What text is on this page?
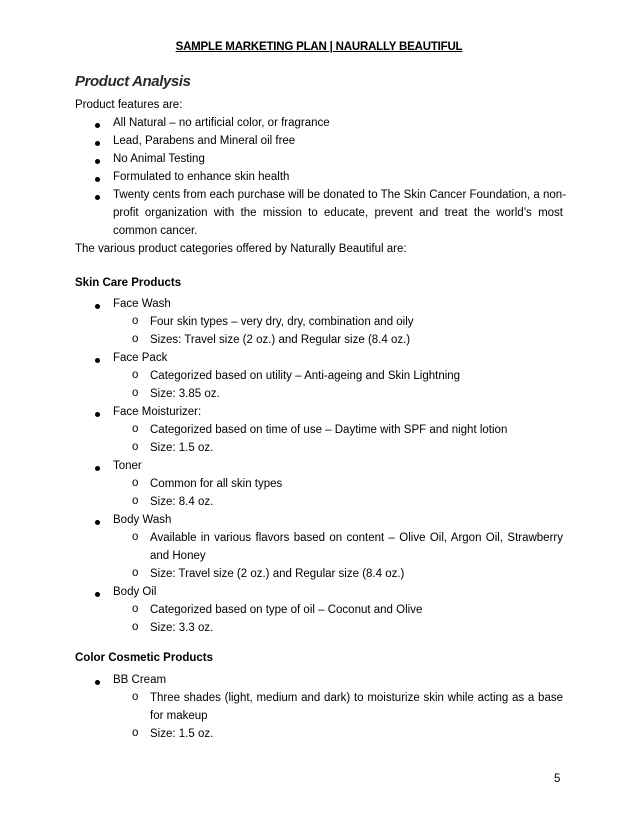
SAMPLE MARKETING PLAN | NAURALLY BEAUTIFUL
Product Analysis
Product features are:
All Natural – no artificial color, or fragrance
Lead, Parabens and Mineral oil free
No Animal Testing
Formulated to enhance skin health
Twenty cents from each purchase will be donated to The Skin Cancer Foundation, a non-
profit organization with the mission to educate, prevent and treat the world’s most
common cancer.
The various product categories offered by Naturally Beautiful are:
Skin Care Products
Face Wash
o Four skin types – very dry, dry, combination and oily
o Sizes: Travel size (2 oz.) and Regular size (8.4 oz.)
Face Pack
o Categorized based on utility – Anti-ageing and Skin Lightning
o Size: 3.85 oz.
Face Moisturizer:
o Categorized based on time of use – Daytime with SPF and night lotion
o Size: 1.5 oz.
Toner
o Common for all skin types
o Size: 8.4 oz.
Body Wash
o Available in various flavors based on content – Olive Oil, Argon Oil, Strawberry
and Honey
o Size: Travel size (2 oz.) and Regular size (8.4 oz.)
Body Oil
o Categorized based on type of oil – Coconut and Olive
o Size: 3.3 oz.
Color Cosmetic Products
BB Cream
o Three shades (light, medium and dark) to moisturize skin while acting as a base
for makeup
o Size: 1.5 oz.
5
